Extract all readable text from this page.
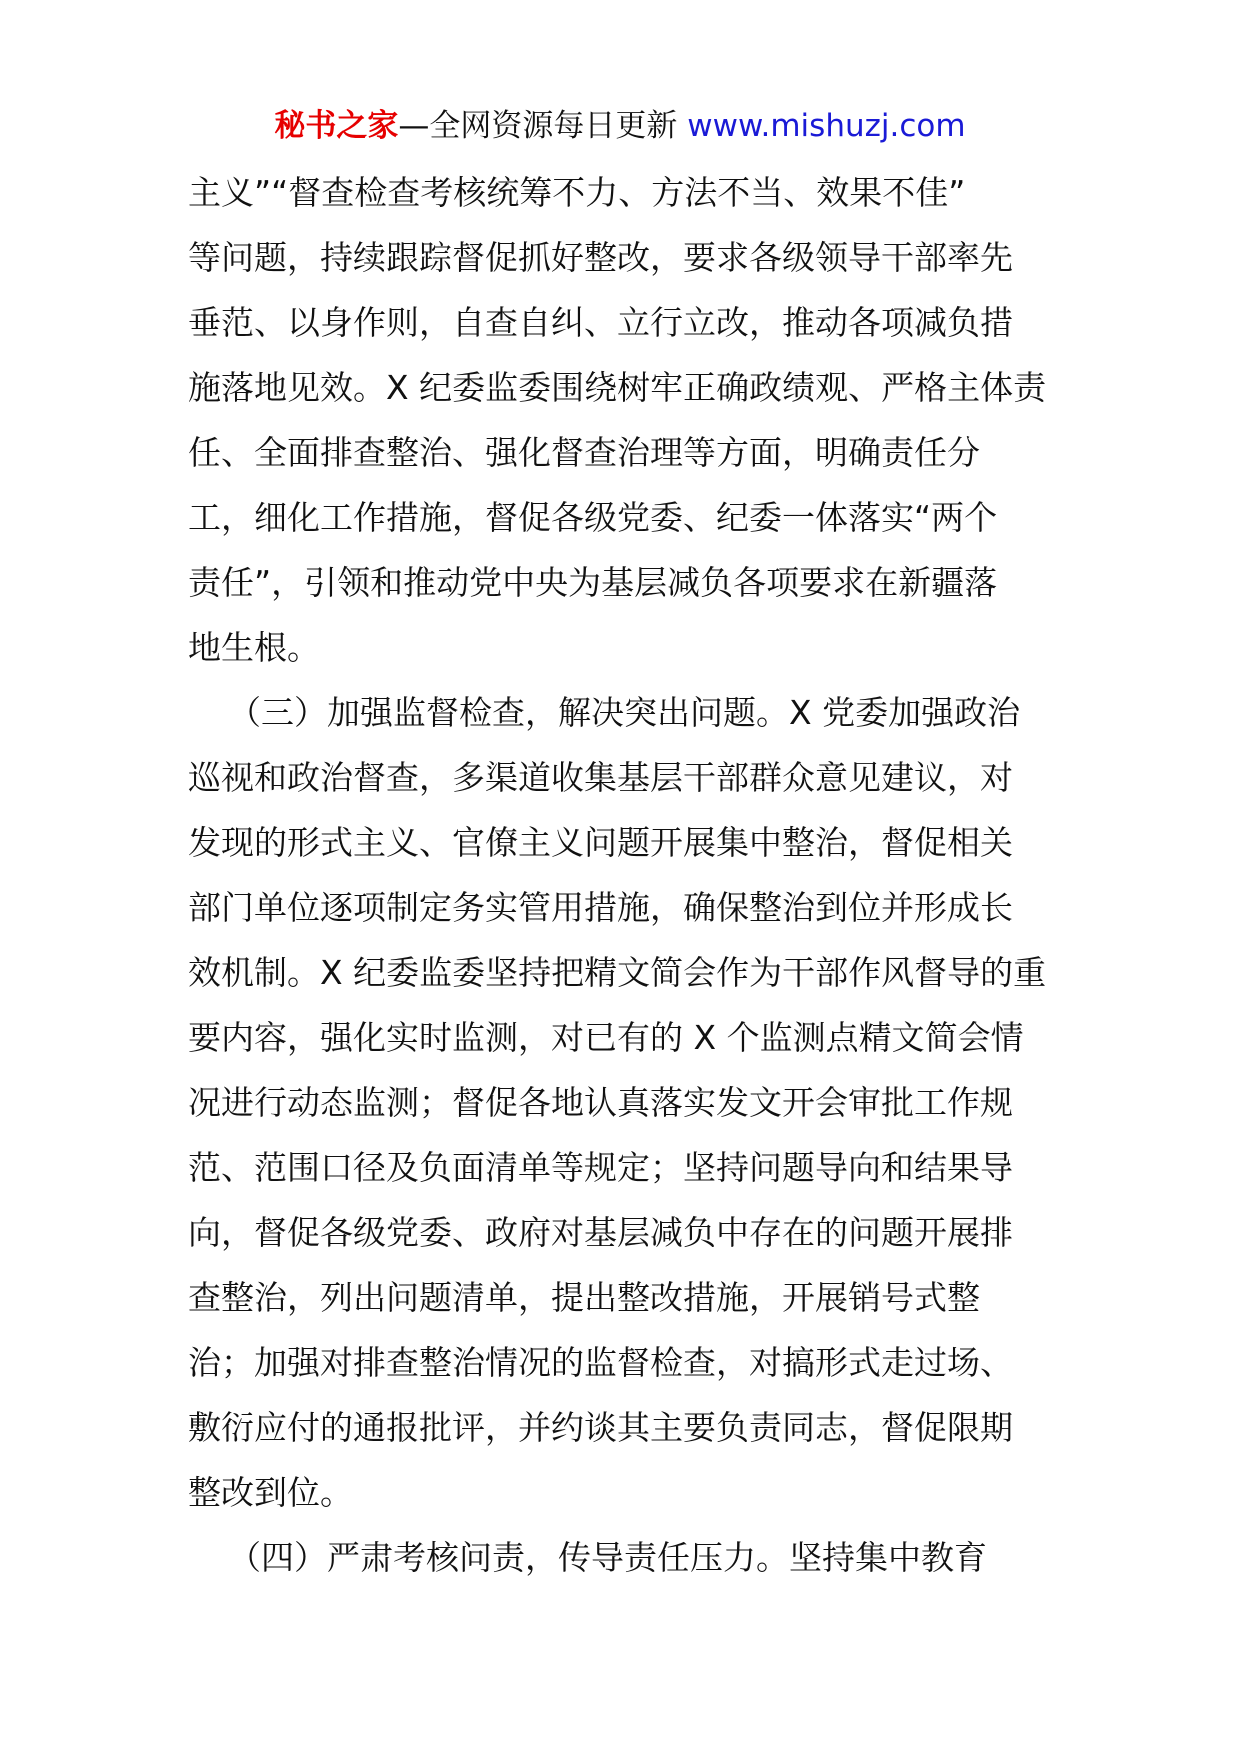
秘书之家—全网资源每日更新 www.mishuzj.com
主义”“督查检查考核统筹不力、方法不当、效果不佳”
等问题，持续跟踪督促抓好整改，要求各级领导干部率先
垂范、以身作则，自查自纠、立行立改，推动各项减负措
施落地见效。X 纪委监委围绕树牢正确政绩观、严格主体责
任、全面排查整治、强化督查治理等方面，明确责任分
工，细化工作措施，督促各级党委、纪委一体落实“两个
责任”，引领和推动党中央为基层减负各项要求在新疆落
地生根。
（三）加强监督检查，解决突出问题。X 党委加强政治
巡视和政治督查，多渠道收集基层干部群众意见建议，对
发现的形式主义、官僚主义问题开展集中整治，督促相关
部门单位逐项制定务实管用措施，确保整治到位并形成长
效机制。X 纪委监委坚持把精文简会作为干部作风督导的重
要内容，强化实时监测，对已有的 X 个监测点精文简会情
况进行动态监测；督促各地认真落实发文开会审批工作规
范、范围口径及负面清单等规定；坚持问题导向和结果导
向，督促各级党委、政府对基层减负中存在的问题开展排
查整治，列出问题清单，提出整改措施，开展销号式整
治；加强对排查整治情况的监督检查，对搞形式走过场、
敷衍应付的通报批评，并约谈其主要负责同志，督促限期
整改到位。
（四）严肃考核问责，传导责任压力。坚持集中教育
